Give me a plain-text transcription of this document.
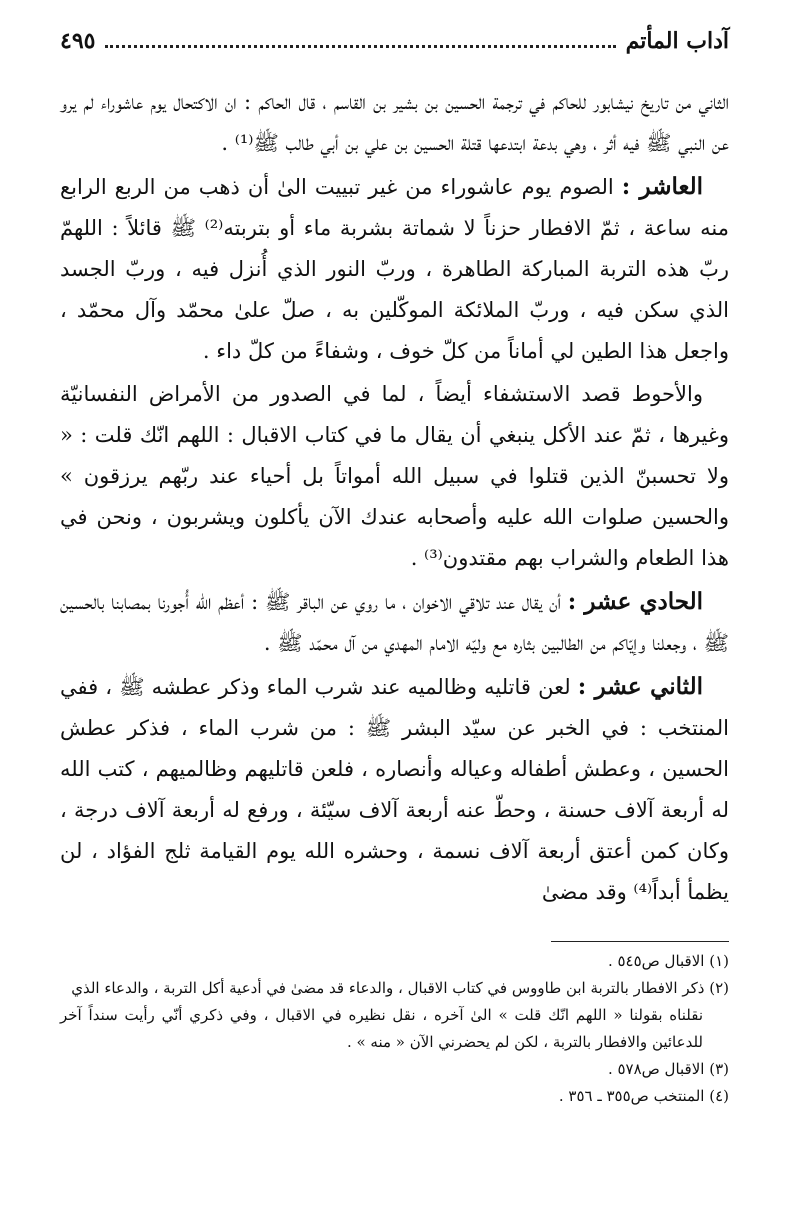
آداب المأتم
٤٩٥

الثاني من تاريخ نيشابور للحاكم في ترجمة الحسين بن بشير بن القاسم ، قال الحاكم : ان الاكتحال يوم عاشوراء لم يرو عن النبي ﷺ فيه أثر ، وهي بدعة ابتدعها قتلة الحسين بن علي بن أبي طالب ﷺ⁽¹⁾ .

العاشر : الصوم يوم عاشوراء من غير تبييت الىٰ أن ذهب من الربع الرابع منه ساعة ، ثمّ الافطار حزناً لا شماتة بشربة ماء أو بتربته⁽²⁾ ﷺ قائلاً : اللهمّ ربّ هذه التربة المباركة الطاهرة ، وربّ النور الذي أُنزل فيه ، وربّ الجسد الذي سكن فيه ، وربّ الملائكة الموكّلين به ، صلّ علىٰ محمّد وآل محمّد ، واجعل هذا الطين لي أماناً من كلّ خوف ، وشفاءً من كلّ داء .

والأحوط قصد الاستشفاء أيضاً ، لما في الصدور من الأمراض النفسانيّة وغيرها ، ثمّ عند الأكل ينبغي أن يقال ما في كتاب الاقبال : اللهم انّك قلت : « ولا تحسبنّ الذين قتلوا في سبيل الله أمواتاً بل أحياء عند ربّهم يرزقون » والحسين صلوات الله عليه وأصحابه عندك الآن يأكلون ويشربون ، ونحن في هذا الطعام والشراب بهم مقتدون⁽³⁾ .

الحادي عشر : أن يقال عند تلاقي الاخوان ، ما روي عن الباقر ﷺ : أعظم الله أُجورنا بمصابنا بالحسين ﷺ ، وجعلنا وإيّاكم من الطالبين بثاره مع وليّه الامام المهدي من آل محمّد ﷺ .

الثاني عشر : لعن قاتليه وظالميه عند شرب الماء وذكر عطشه ﷺ ، ففي المنتخب : في الخبر عن سيّد البشر ﷺ : من شرب الماء ، فذكر عطش الحسين ، وعطش أطفاله وعياله وأنصاره ، فلعن قاتليهم وظالميهم ، كتب الله له أربعة آلاف حسنة ، وحطّ عنه أربعة آلاف سيّئة ، ورفع له أربعة آلاف درجة ، وكان كمن أعتق أربعة آلاف نسمة ، وحشره الله يوم القيامة ثلج الفؤاد ، لن يظمأ أبداً⁽⁴⁾ وقد مضىٰ

(١) الاقبال ص٥٤٥ .

(٢) ذكر الافطار بالتربة ابن طاووس في كتاب الاقبال ، والدعاء قد مضىٰ في أدعية أكل التربة ، والدعاء الذي

نقلناه بقولنا « اللهم انّك قلت » الىٰ آخره ، نقل نظيره في الاقبال ، وفي ذكري أنّي رأيت سنداً آخر للدعائين والافطار بالتربة ، لكن لم يحضرني الآن « منه » .

(٣) الاقبال ص٥٧٨ .

(٤) المنتخب ص٣٥٥ ـ ٣٥٦ .
